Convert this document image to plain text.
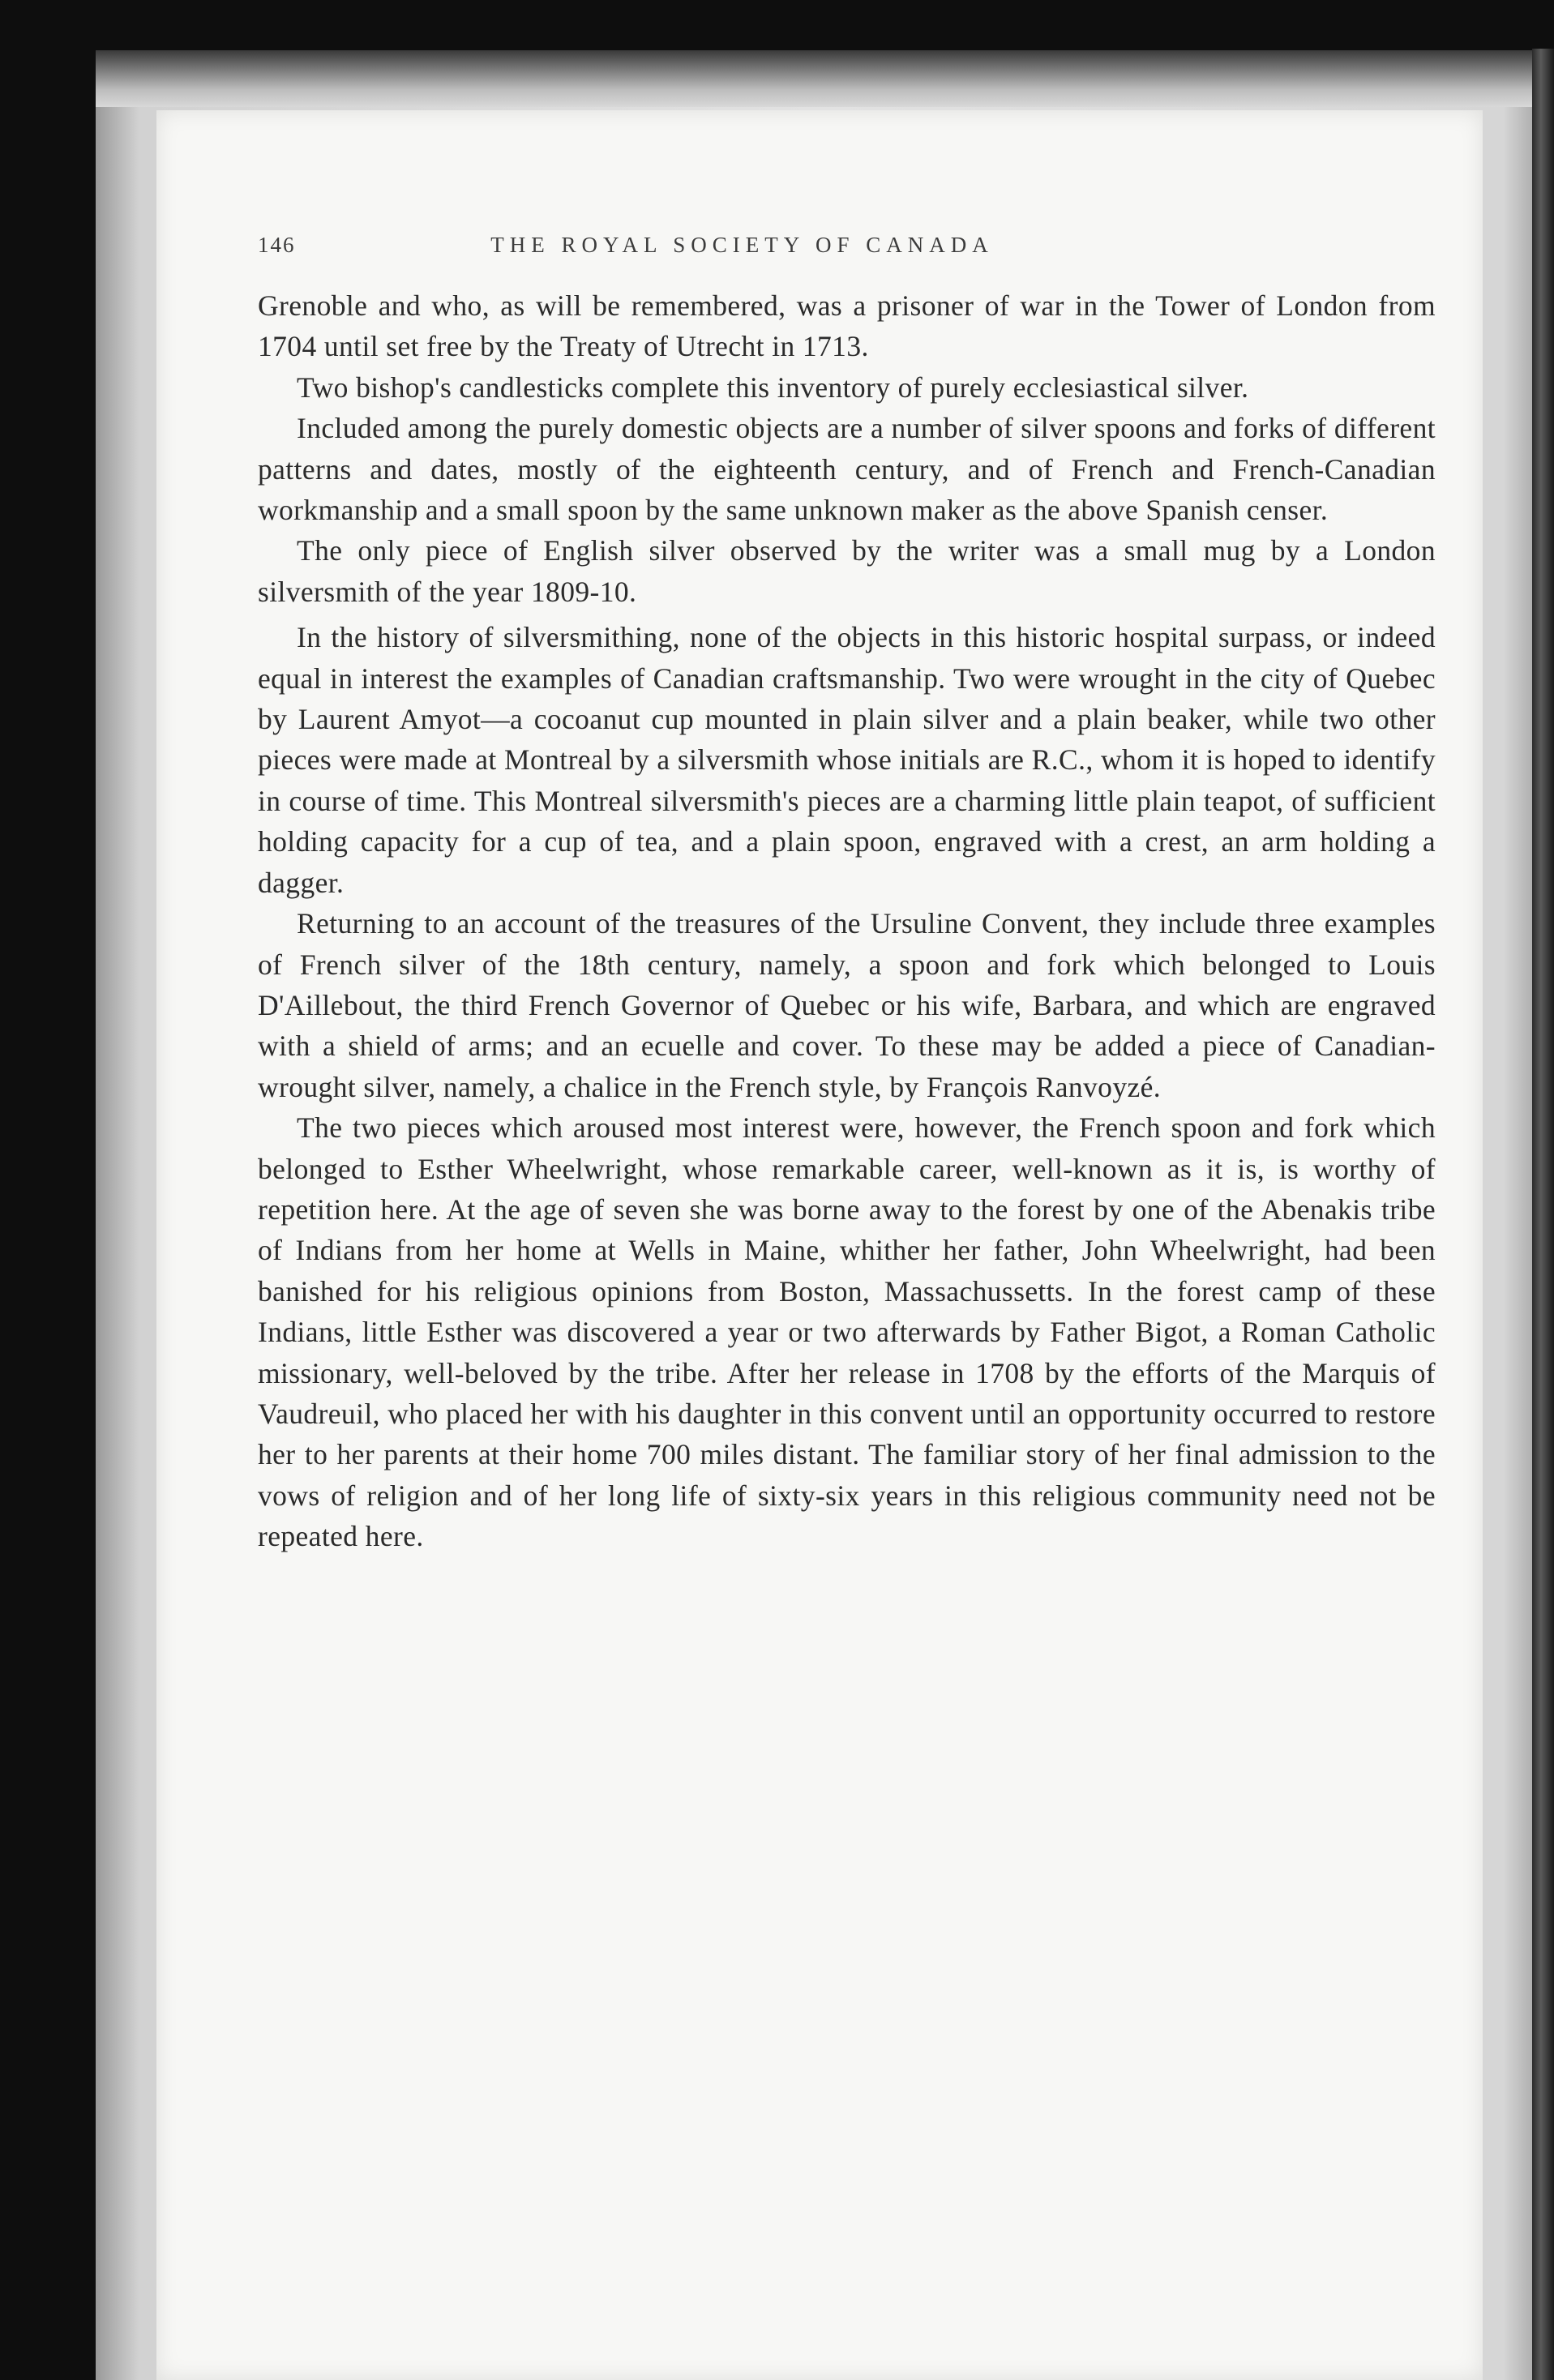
146	THE ROYAL SOCIETY OF CANADA

Grenoble and who, as will be remembered, was a prisoner of war in the Tower of London from 1704 until set free by the Treaty of Utrecht in 1713.

Two bishop's candlesticks complete this inventory of purely ecclesiastical silver.

Included among the purely domestic objects are a number of silver spoons and forks of different patterns and dates, mostly of the eighteenth century, and of French and French-Canadian workmanship and a small spoon by the same unknown maker as the above Spanish censer.

The only piece of English silver observed by the writer was a small mug by a London silversmith of the year 1809-10.

In the history of silversmithing, none of the objects in this historic hospital surpass, or indeed equal in interest the examples of Canadian craftsmanship. Two were wrought in the city of Quebec by Laurent Amyot—a cocoanut cup mounted in plain silver and a plain beaker, while two other pieces were made at Montreal by a silversmith whose initials are R.C., whom it is hoped to identify in course of time. This Montreal silversmith's pieces are a charming little plain teapot, of sufficient holding capacity for a cup of tea, and a plain spoon, engraved with a crest, an arm holding a dagger.

Returning to an account of the treasures of the Ursuline Convent, they include three examples of French silver of the 18th century, namely, a spoon and fork which belonged to Louis D'Aillebout, the third French Governor of Quebec or his wife, Barbara, and which are engraved with a shield of arms; and an ecuelle and cover. To these may be added a piece of Canadian-wrought silver, namely, a chalice in the French style, by François Ranvoyzé.

The two pieces which aroused most interest were, however, the French spoon and fork which belonged to Esther Wheelwright, whose remarkable career, well-known as it is, is worthy of repetition here. At the age of seven she was borne away to the forest by one of the Abenakis tribe of Indians from her home at Wells in Maine, whither her father, John Wheelwright, had been banished for his religious opinions from Boston, Massachussetts. In the forest camp of these Indians, little Esther was discovered a year or two afterwards by Father Bigot, a Roman Catholic missionary, well-beloved by the tribe. After her release in 1708 by the efforts of the Marquis of Vaudreuil, who placed her with his daughter in this convent until an opportunity occurred to restore her to her parents at their home 700 miles distant. The familiar story of her final admission to the vows of religion and of her long life of sixty-six years in this religious community need not be repeated here.
